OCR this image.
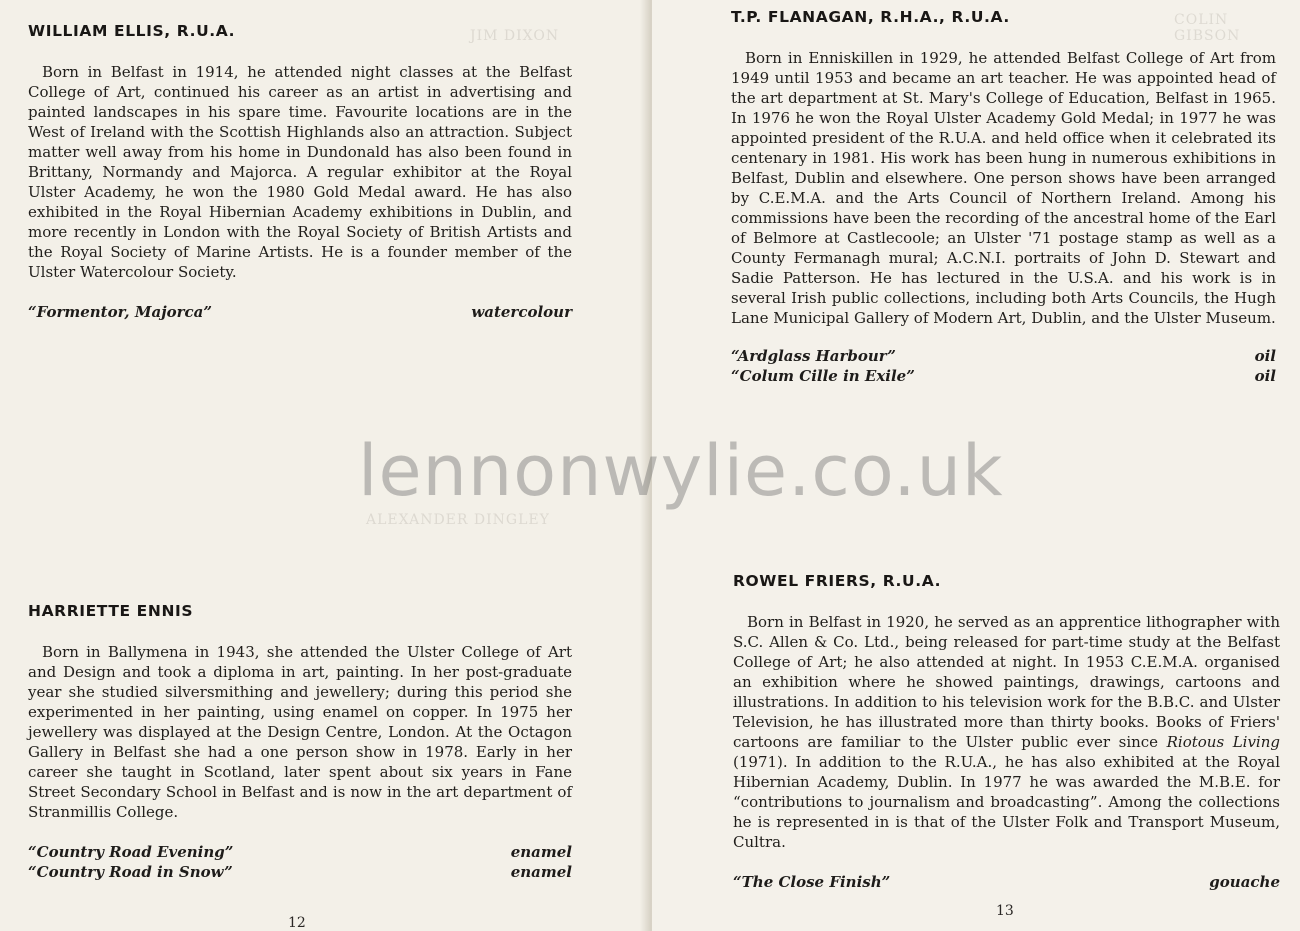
JIM DIXON
ALEXANDER DINGLEY
WILLIAM ELLIS, R.U.A.

Born in Belfast in 1914, he attended night classes at the Belfast College of Art, continued his career as an artist in advertising and painted landscapes in his spare time. Favourite locations are in the West of Ireland with the Scottish Highlands also an attraction. Subject matter well away from his home in Dundonald has also been found in Brittany, Normandy and Majorca. A regular exhibitor at the Royal Ulster Academy, he won the 1980 Gold Medal award. He has also exhibited in the Royal Hibernian Academy exhibitions in Dublin, and more recently in London with the Royal Society of British Artists and the Royal Society of Marine Artists. He is a founder member of the Ulster Watercolour Society.

“Formentor, Majorca”	watercolour
HARRIETTE ENNIS

Born in Ballymena in 1943, she attended the Ulster College of Art and Design and took a diploma in art, painting. In her post-graduate year she studied silversmithing and jewellery; during this period she experimented in her painting, using enamel on copper. In 1975 her jewellery was displayed at the Design Centre, London. At the Octagon Gallery in Belfast she had a one person show in 1978. Early in her career she taught in Scotland, later spent about six years in Fane Street Secondary School in Belfast and is now in the art department of Stranmillis College.

“Country Road Evening”	enamel
“Country Road in Snow”	enamel
12
COLIN GIBSON
T.P. FLANAGAN, R.H.A., R.U.A.

Born in Enniskillen in 1929, he attended Belfast College of Art from 1949 until 1953 and became an art teacher. He was appointed head of the art department at St. Mary's College of Education, Belfast in 1965. In 1976 he won the Royal Ulster Academy Gold Medal; in 1977 he was appointed president of the R.U.A. and held office when it celebrated its centenary in 1981. His work has been hung in numerous exhibitions in Belfast, Dublin and elsewhere. One person shows have been arranged by C.E.M.A. and the Arts Council of Northern Ireland. Among his commissions have been the recording of the ancestral home of the Earl of Belmore at Castlecoole; an Ulster '71 postage stamp as well as a County Fermanagh mural; A.C.N.I. portraits of John D. Stewart and Sadie Patterson. He has lectured in the U.S.A. and his work is in several Irish public collections, including both Arts Councils, the Hugh Lane Municipal Gallery of Modern Art, Dublin, and the Ulster Museum.

“Ardglass Harbour”	oil
“Colum Cille in Exile”	oil
ROWEL FRIERS, R.U.A.

Born in Belfast in 1920, he served as an apprentice lithographer with S.C. Allen & Co. Ltd., being released for part-time study at the Belfast College of Art; he also attended at night. In 1953 C.E.M.A. organised an exhibition where he showed paintings, drawings, cartoons and illustrations. In addition to his television work for the B.B.C. and Ulster Television, he has illustrated more than thirty books. Books of Friers' cartoons are familiar to the Ulster public ever since Riotous Living (1971). In addition to the R.U.A., he has also exhibited at the Royal Hibernian Academy, Dublin. In 1977 he was awarded the M.B.E. for “contributions to journalism and broadcasting”. Among the collections he is represented in is that of the Ulster Folk and Transport Museum, Cultra.

“The Close Finish”	gouache
13
lennonwylie.co.uk
